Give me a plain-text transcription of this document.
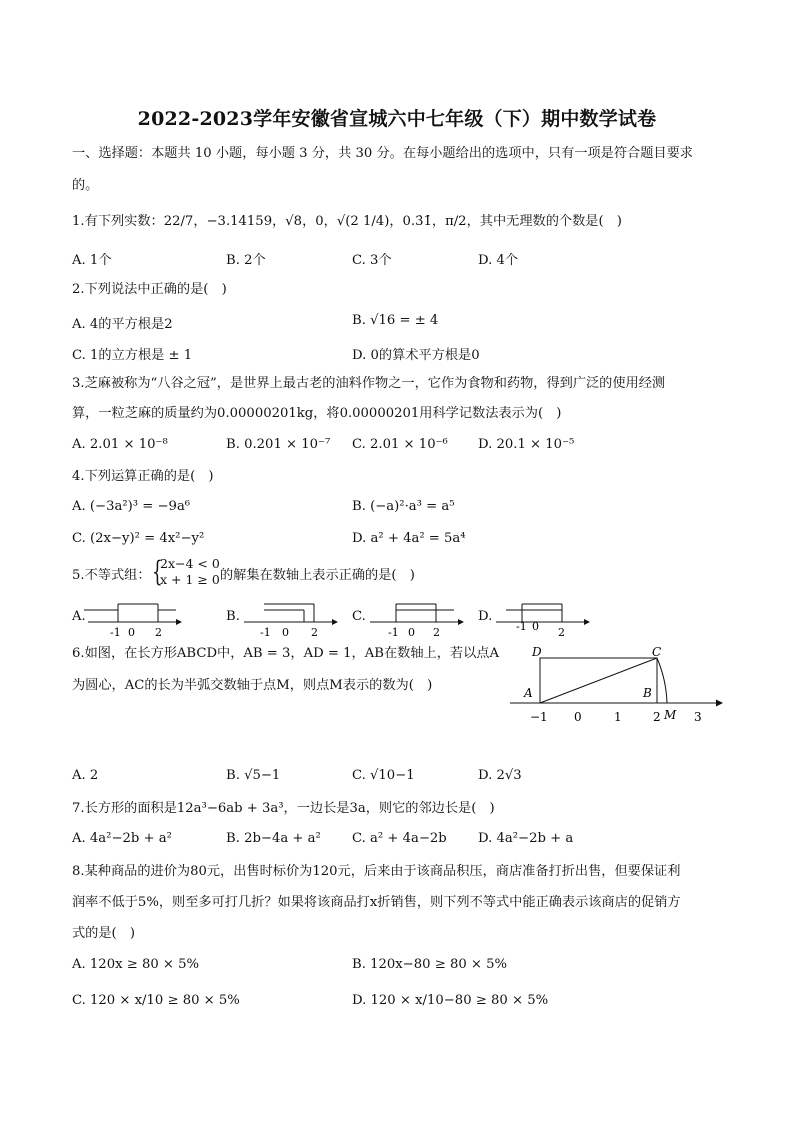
2022-2023学年安徽省宣城六中七年级（下）期中数学试卷
一、选择题：本题共 10 小题，每小题 3 分，共 30 分。在每小题给出的选项中，只有一项是符合题目要求
的。
1.有下列实数：22/7，−3.14159，√8，0，√(2 1/4)，0.3̇1̇，π/2，其中无理数的个数是(　)
A. 1个	B. 2个	C. 3个	D. 4个
2.下列说法中正确的是(　)
A. 4的平方根是2	B. √16 = ± 4
C. 1的立方根是 ± 1	D. 0的算术平方根是0
3.芝麻被称为“八谷之冠”，是世界上最古老的油料作物之一，它作为食物和药物，得到广泛的使用经测
算，一粒芝麻的质量约为0.00000201kg，将0.00000201用科学记数法表示为(　)
A. 2.01 × 10⁻⁸	B. 0.201 × 10⁻⁷ C. 2.01 × 10⁻⁶ D. 20.1 × 10⁻⁵
4.下列运算正确的是(　)
A. (−3a²)³ = −9a⁶	B. (−a)²·a³ = a⁵
C. (2x−y)² = 4x²−y²	D. a² + 4a² = 5a⁴
5.不等式组： {
2x−4 < 0
x + 1 ≥ 0 的解集在数轴上表示正确的是(　)
A.	B.	C.	D.
-1 0 2	-1 0 2	-1 0 2	-1 0 2
6.如图，在长方形ABCD中，AB = 3，AD = 1，AB在数轴上，若以点A
为圆心，AC的长为半弧交数轴于点M，则点M表示的数为(　)
D	C
A	B
M
−1 0	1	2	3
A. 2	B. √5−1	C. √10−1	D. 2√3
7.长方形的面积是12a³−6ab + 3a³，一边长是3a，则它的邻边长是(　)
A. 4a²−2b + a²	B. 2b−4a + a² C. a² + 4a−2b D. 4a²−2b + a
8.某种商品的进价为80元，出售时标价为120元，后来由于该商品积压，商店准备打折出售，但要保证利
润率不低于5%，则至多可打几折？如果将该商品打x折销售，则下列不等式中能正确表示该商店的促销方
式的是(　)
A. 120x ≥ 80 × 5%	B. 120x−80 ≥ 80 × 5%
C. 120 × x/10 ≥ 80 × 5%	D. 120 × x/10−80 ≥ 80 × 5%
